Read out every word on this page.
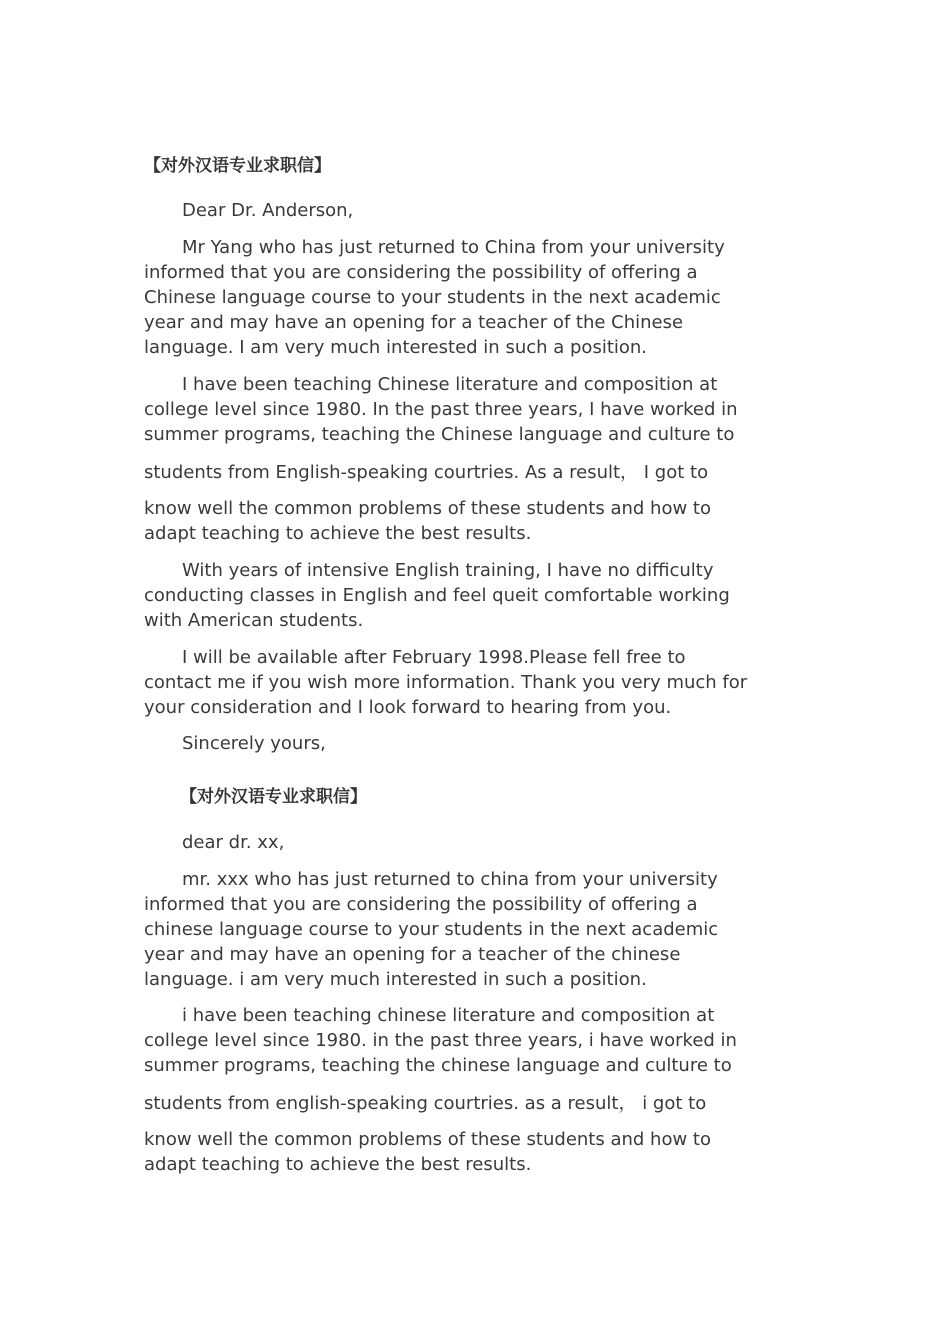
【对外汉语专业求职信】
Dear Dr. Anderson,
Mr Yang who has just returned to China from your university
informed that you are considering the possibility of offering a
Chinese language course to your students in the next academic
year and may have an opening for a teacher of the Chinese
language. I am very much interested in such a position.
I have been teaching Chinese literature and composition at
college level since 1980. In the past three years, I have worked in
summer programs, teaching the Chinese language and culture to
students from English-speaking courtries. As a result， I got to
know well the common problems of these students and how to
adapt teaching to achieve the best results.
With years of intensive English training, I have no difficulty
conducting classes in English and feel queit comfortable working
with American students.
I will be available after February 1998.Please fell free to
contact me if you wish more information. Thank you very much for
your consideration and I look forward to hearing from you.
Sincerely yours,
【对外汉语专业求职信】
dear dr. xx,
mr. xxx who has just returned to china from your university
informed that you are considering the possibility of offering a
chinese language course to your students in the next academic
year and may have an opening for a teacher of the chinese
language. i am very much interested in such a position.
i have been teaching chinese literature and composition at
college level since 1980. in the past three years, i have worked in
summer programs, teaching the chinese language and culture to
students from english-speaking courtries. as a result， i got to
know well the common problems of these students and how to
adapt teaching to achieve the best results.
